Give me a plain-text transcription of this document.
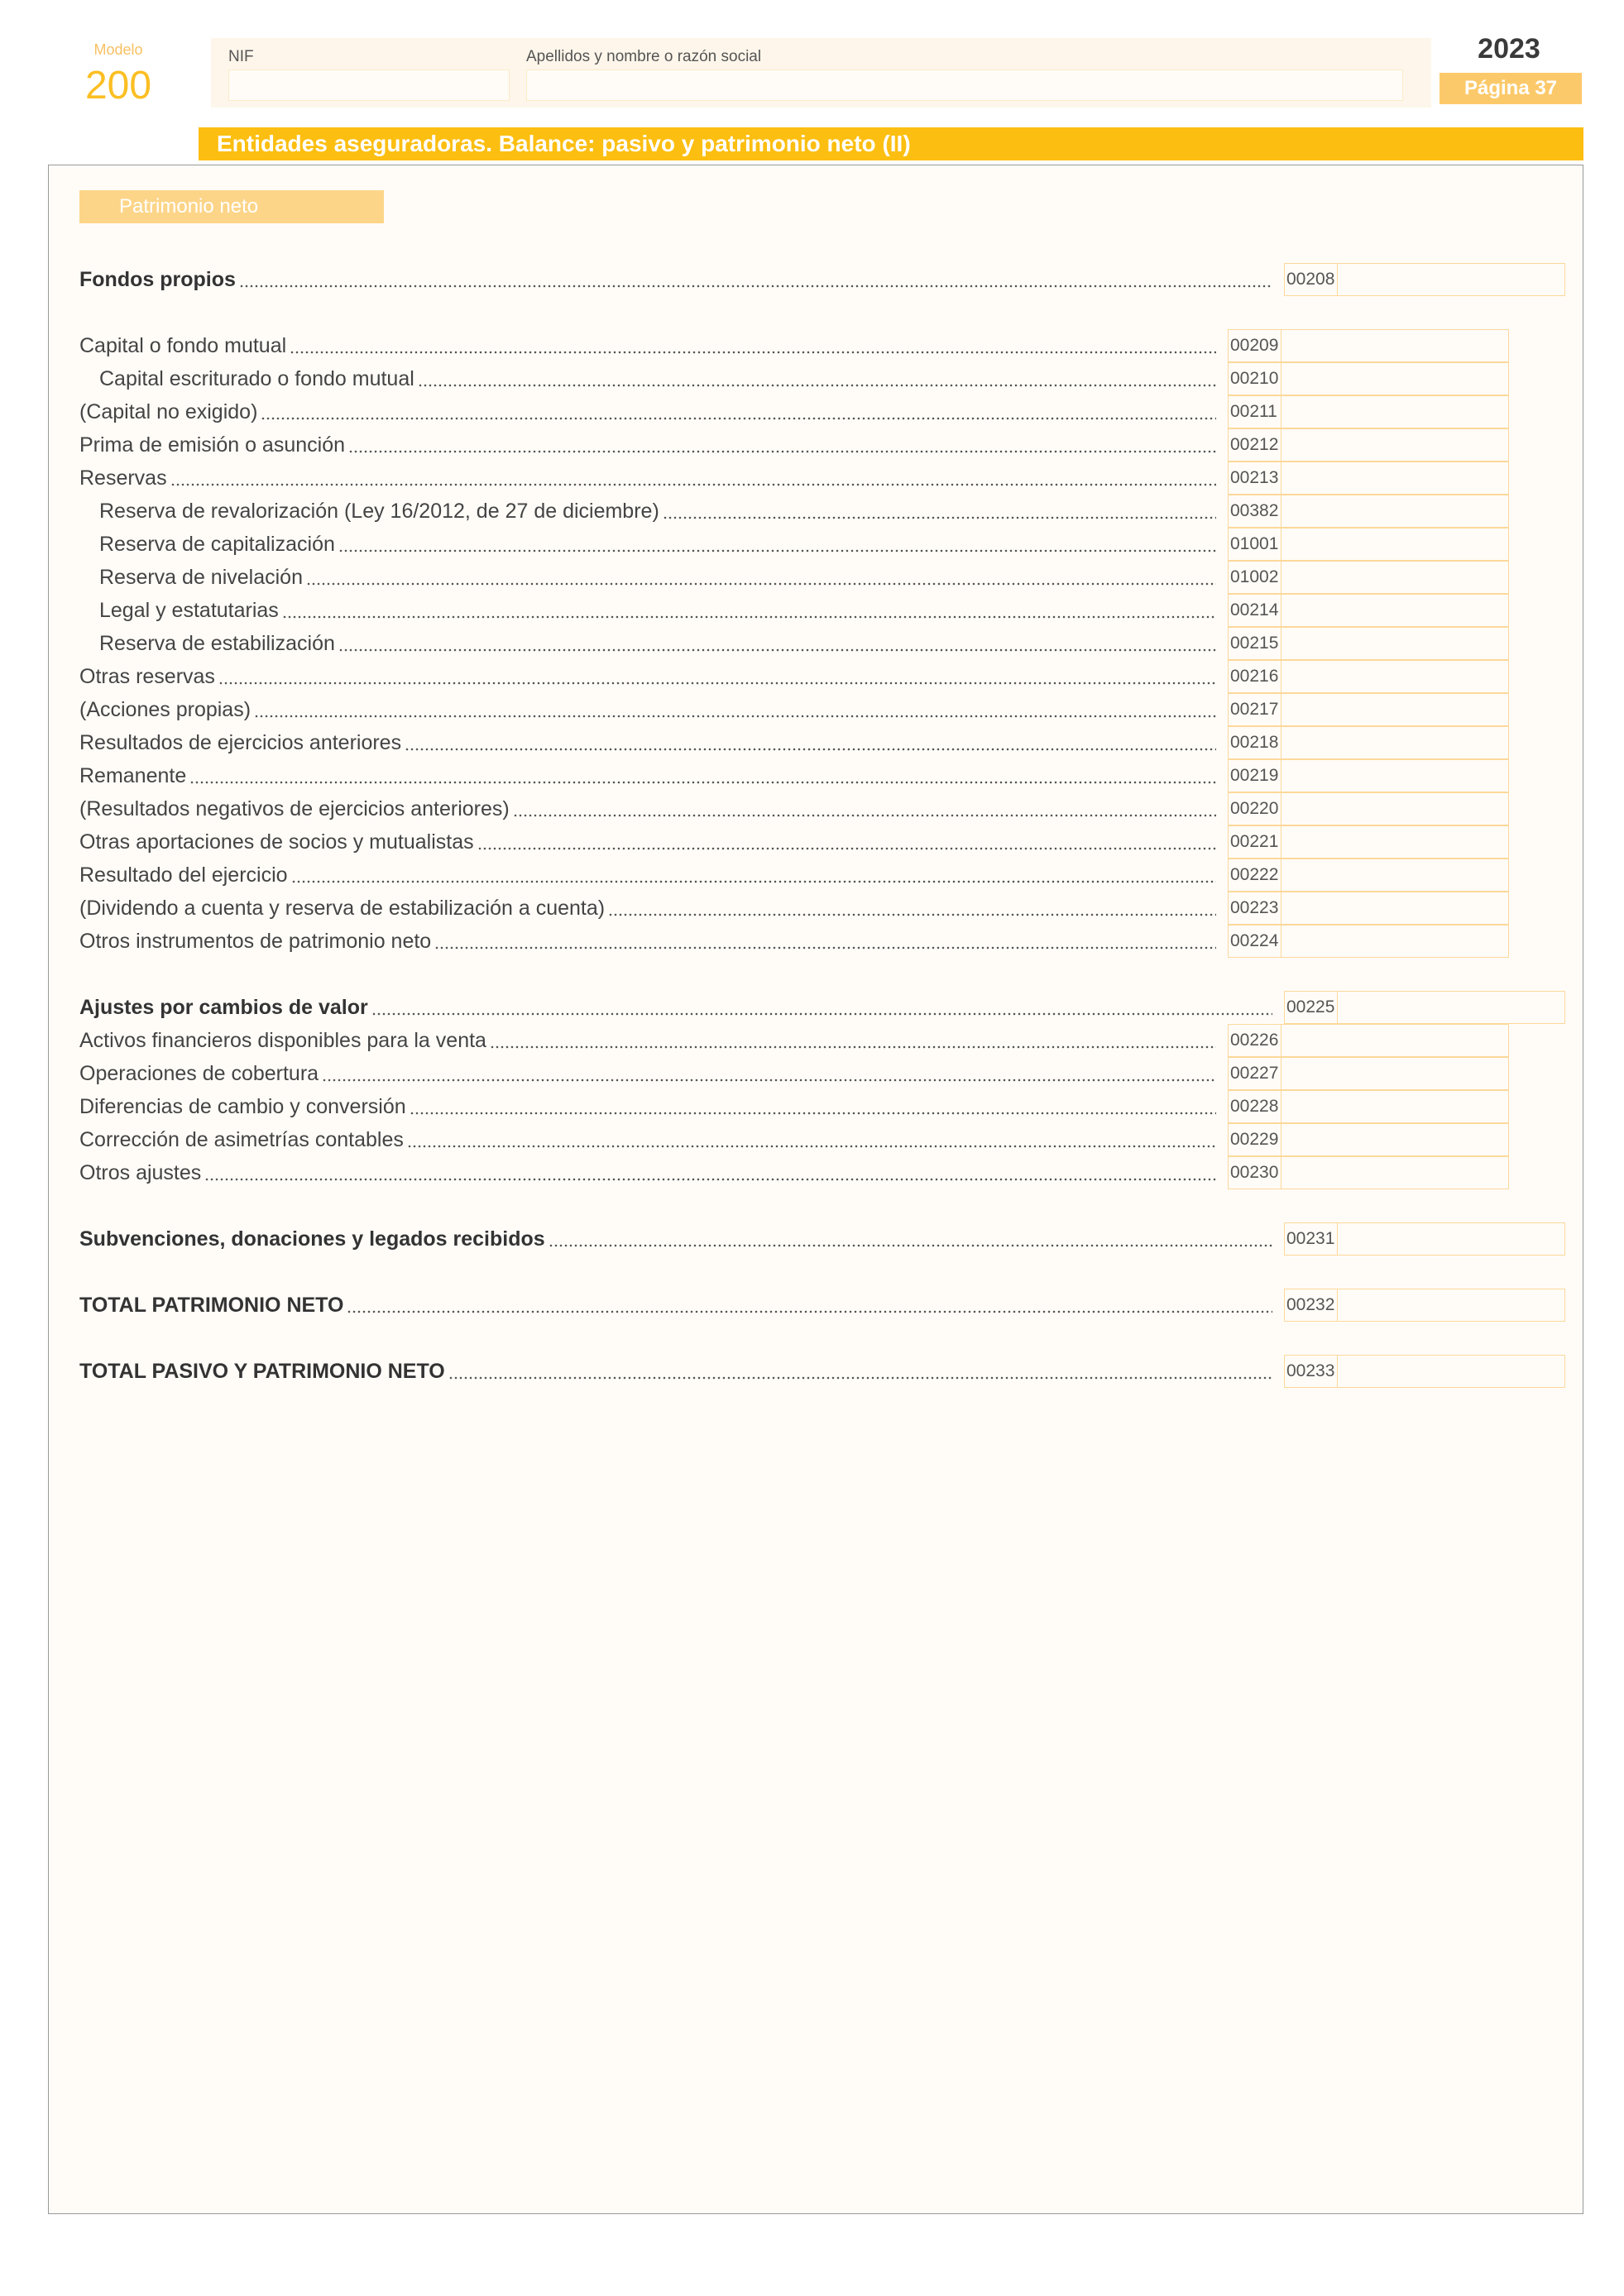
Modelo
200
NIF	Apellidos y nombre o razón social	2023
Página 37
Entidades aseguradoras. Balance: pasivo y patrimonio neto (II)
Patrimonio neto
Fondos propios	00208
Capital o fondo mutual	00209
Capital escriturado o fondo mutual	00210
(Capital no exigido)	00211
Prima de emisión o asunción	00212
Reservas	00213
Reserva de revalorización (Ley 16/2012, de 27 de diciembre)	00382
Reserva de capitalización	01001
Reserva de nivelación	01002
Legal y estatutarias	00214
Reserva de estabilización	00215
Otras reservas	00216
(Acciones propias)	00217
Resultados de ejercicios anteriores	00218
Remanente	00219
(Resultados negativos de ejercicios anteriores)	00220
Otras aportaciones de socios y mutualistas	00221
Resultado del ejercicio	00222
(Dividendo a cuenta y reserva de estabilización a cuenta)	00223
Otros instrumentos de patrimonio neto	00224
Ajustes por cambios de valor	00225
Activos financieros disponibles para la venta	00226
Operaciones de cobertura	00227
Diferencias de cambio y conversión	00228
Corrección de asimetrías contables	00229
Otros ajustes	00230
Subvenciones, donaciones y legados recibidos	00231
TOTAL PATRIMONIO NETO	00232
TOTAL PASIVO Y PATRIMONIO NETO	00233
